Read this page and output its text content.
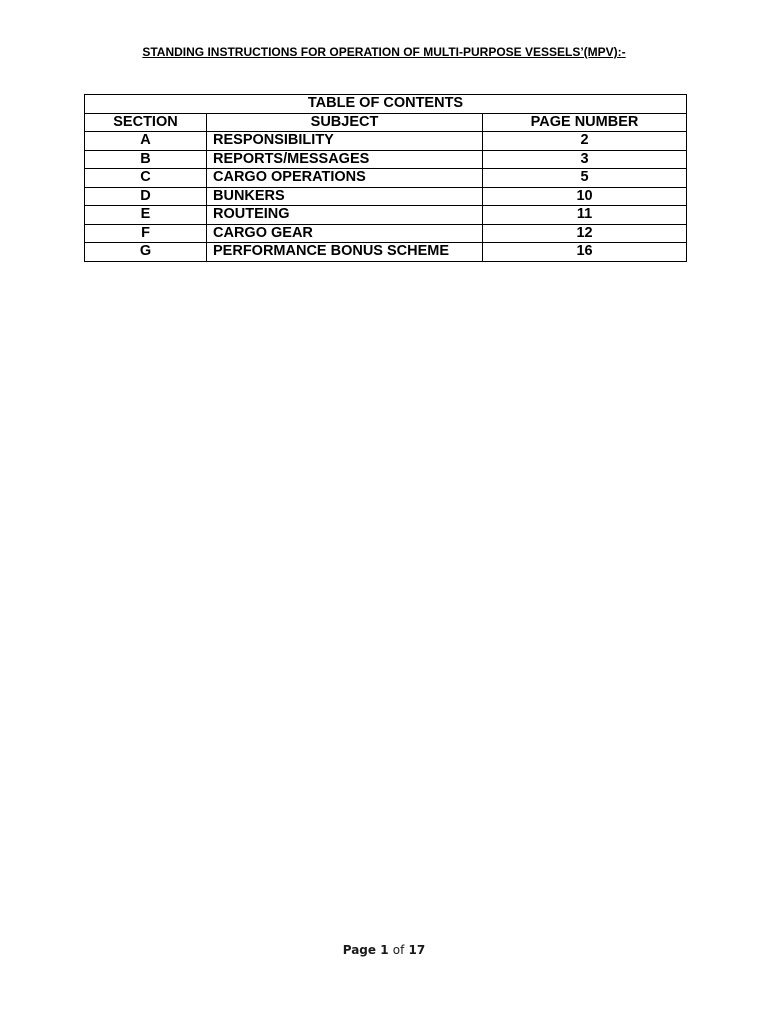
STANDING INSTRUCTIONS FOR OPERATION OF MULTI-PURPOSE VESSELS’(MPV):-
TABLE OF CONTENTS		
SECTION	SUBJECT	PAGE NUMBER
A	RESPONSIBILITY	2
B	REPORTS/MESSAGES	3
C	CARGO OPERATIONS	5
D	BUNKERS	10
E	ROUTEING	11
F	CARGO GEAR	12
G	PERFORMANCE BONUS SCHEME	16
Page 1 of 17
